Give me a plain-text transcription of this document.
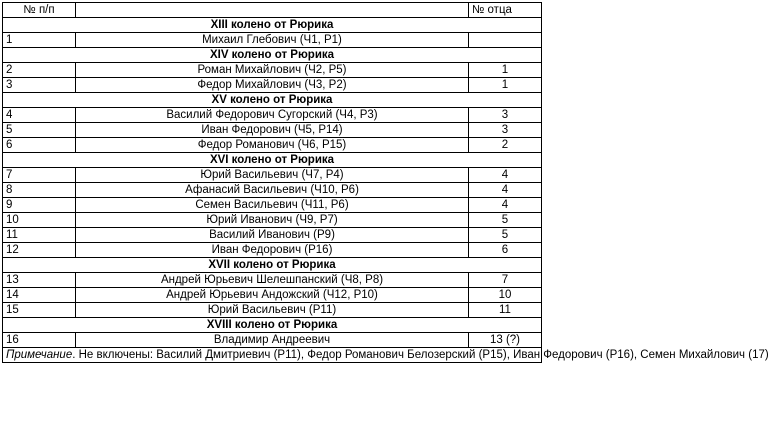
№ п/п		№ отца
XIII колено от Рюрика		
1	Михаил Глебович (Ч1, Р1)	
XIV колено от Рюрика		
2	Роман Михайлович (Ч2, Р5)	1
3	Федор Михайлович (Ч3, Р2)	1
XV колено от Рюрика		
4	Василий Федорович Сугорский (Ч4, Р3)	3
5	Иван Федорович (Ч5, Р14)	3
6	Федор Романович (Ч6, Р15)	2
XVI колено от Рюрика		
7	Юрий Васильевич (Ч7, Р4)	4
8	Афанасий Васильевич (Ч10, Р6)	4
9	Семен Васильевич (Ч11, Р6)	4
10	Юрий Иванович (Ч9, Р7)	5
11	Василий Иванович (Р9)	5
12	Иван Федорович (Р16)	6
XVII колено от Рюрика		
13	Андрей Юрьевич Шелешпанский (Ч8, Р8)	7
14	Андрей Юрьевич Андожский (Ч12, Р10)	10
15	Юрий Васильевич (Р11)	11
XVIII колено от Рюрика		
16	Владимир Андреевич	13 (?)
Примечание. Не включены: Василий Дмитриевич (Р11), Федор Романович Белозерский (Р15), Иван Федорович (Р16), Семен Михайлович (17)		
